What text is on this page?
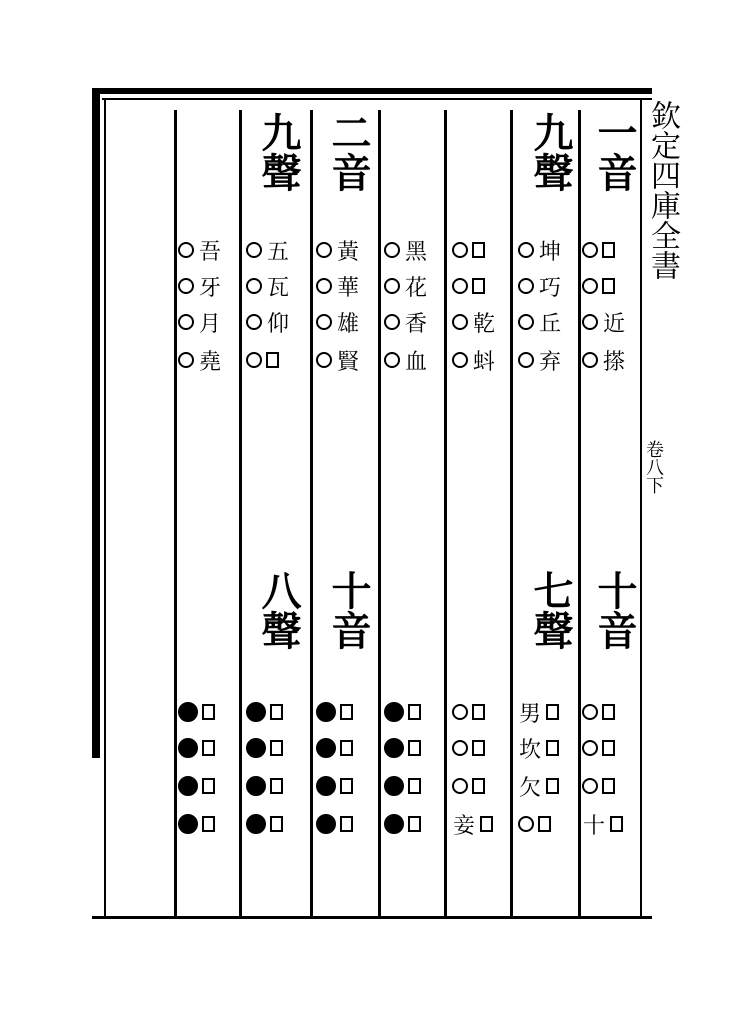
欽定四庫全書
卷八下
一音
十音
近
搽
十
九聲
七聲
坤
巧
丘
弃
男
坎
欠
乾
蚪
妾
黑
花
香
血
二音
十音
黃
華
雄
賢
九聲
八聲
五
瓦
仰
吾
牙
月
堯
